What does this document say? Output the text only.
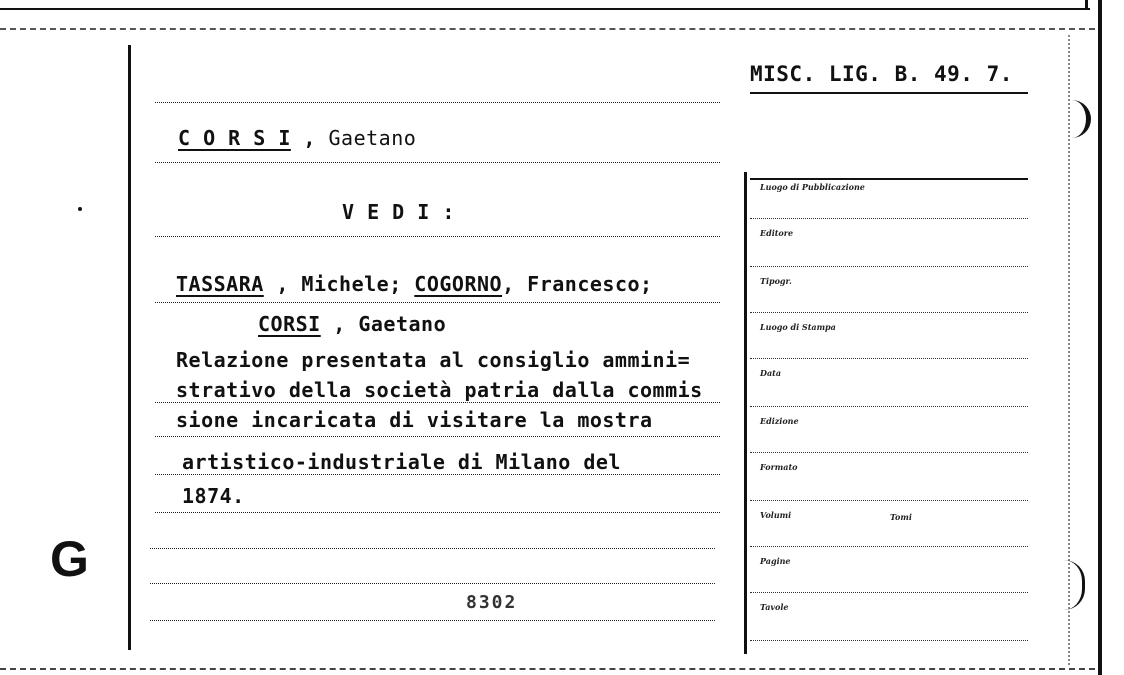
MISC. LIG. B. 49. 7.
C O R S I , Gaetano
V E D I :
TASSARA , Michele; COGORNO, Francesco;
CORSI , Gaetano
Relazione presentata al consiglio ammini=
strativo della società patria dalla commis
sione incaricata di visitare la mostra
artistico-industriale di Milano del
1874.
8302
G
Luogo di Pubblicazione
Editore
Tipogr.
Luogo di Stampa
Data
Edizione
Formato
Volumi	Tomi
Pagine
Tavole
